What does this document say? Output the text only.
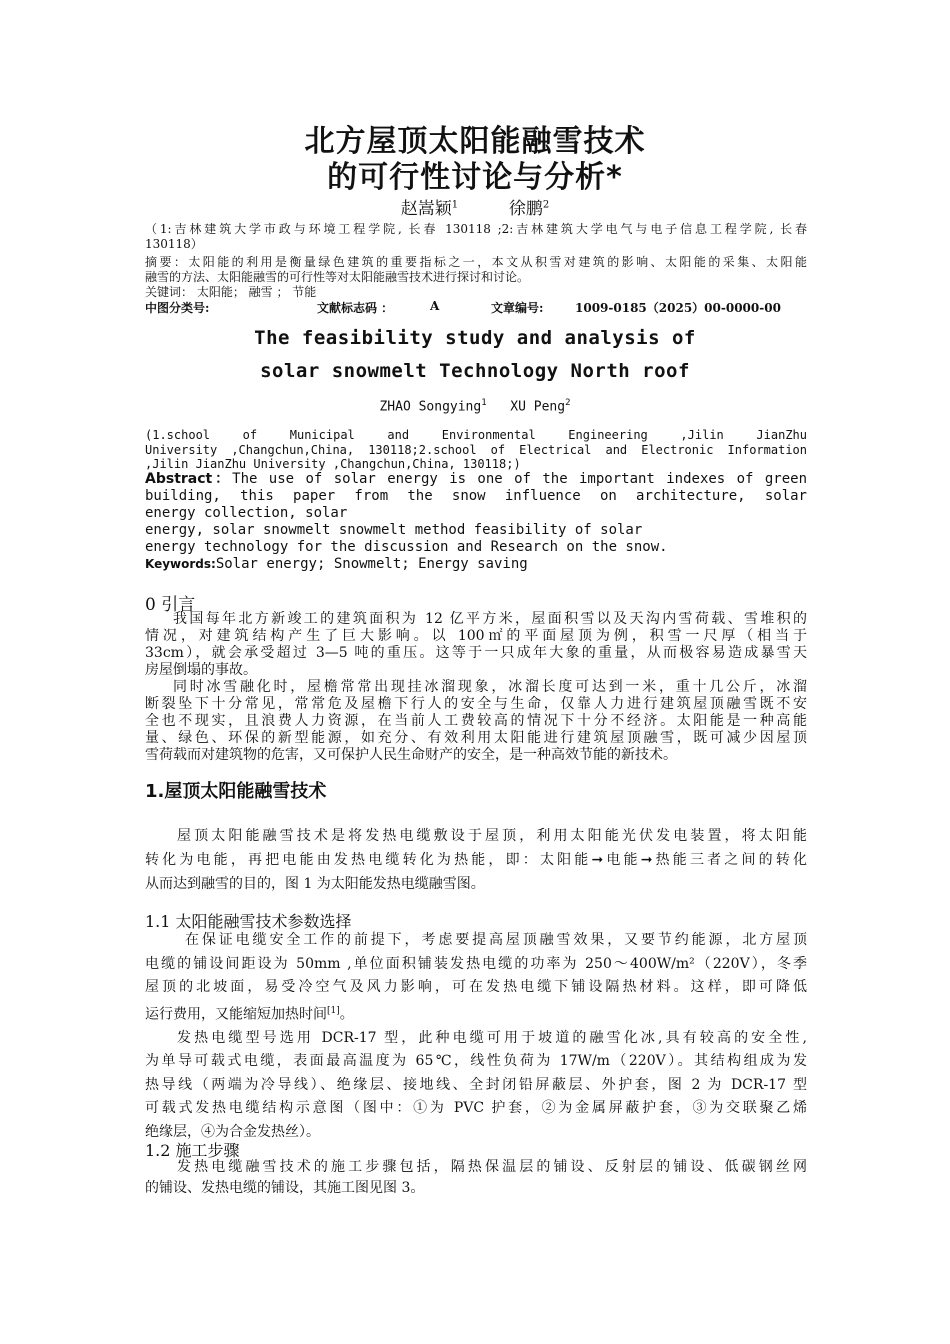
北方屋顶太阳能融雪技术
的可行性讨论与分析*
赵嵩颖$^1$	徐鹏$^2$
（1:吉林建筑大学市政与环境工程学院, 长春 130118 ;2:吉林建筑大学电气与电子信息工程学院, 长春
130118）
摘要：太阳能的利用是衡量绿色建筑的重要指标之一，本文从积雪对建筑的影响、太阳能的采集、太阳能
融雪的方法、太阳能融雪的可行性等对太阳能融雪技术进行探讨和讨论。
关键词： 太阳能； 融雪 ； 节能
中图分类号:	文献标志码 ：	A	文章编号:	1009-0185（2025）00-0000-00
The feasibility study and analysis of
solar snowmelt Technology North roof
ZHAO Songying$^1$ XU Peng$^2$
(1.school of Municipal and Environmental Engineering ,Jilin JianZhu
University ,Changchun,China, 130118;2.school of Electrical and Electronic Information
,Jilin JianZhu University ,Changchun,China, 130118;)
Abstract：The use of solar energy is one of the important indexes of green
building, this paper from the snow influence on architecture, solar
energy collection, solar
energy, solar snowmelt snowmelt method feasibility of solar
energy technology for the discussion and Research on the snow.
Keywords:Solar energy; Snowmelt; Energy saving
0 引言
我国每年北方新竣工的建筑面积为 12 亿平方米，屋面积雪以及天沟内雪荷载、雪堆积的
情况，对建筑结构产生了巨大影响。以 100㎡的平面屋顶为例，积雪一尺厚（相当于
33cm），就会承受超过 3—5 吨的重压。这等于一只成年大象的重量，从而极容易造成暴雪天
房屋倒塌的事故。
同时冰雪融化时，屋檐常常出现挂冰溜现象，冰溜长度可达到一米，重十几公斤，冰溜
断裂坠下十分常见，常常危及屋檐下行人的安全与生命，仅靠人力进行建筑屋顶融雪既不安
全也不现实，且浪费人力资源，在当前人工费较高的情况下十分不经济。太阳能是一种高能
量、绿色、环保的新型能源，如充分、有效利用太阳能进行建筑屋顶融雪，既可减少因屋顶
雪荷载而对建筑物的危害，又可保护人民生命财产的安全，是一种高效节能的新技术。
1.屋顶太阳能融雪技术
屋顶太阳能融雪技术是将发热电缆敷设于屋顶，利用太阳能光伏发电装置，将太阳能
转化为电能，再把电能由发热电缆转化为热能，即：太阳能➞电能➞热能三者之间的转化
从而达到融雪的目的，图 1 为太阳能发热电缆融雪图。
1.1 太阳能融雪技术参数选择
在保证电缆安全工作的前提下，考虑要提高屋顶融雪效果，又要节约能源，北方屋顶
电缆的铺设间距设为 50mm ,单位面积铺装发热电缆的功率为 250～400W/m²（220V），冬季
屋顶的北坡面，易受冷空气及风力影响，可在发热电缆下铺设隔热材料。这样，即可降低
运行费用，又能缩短加热时间[1]。
发热电缆型号选用 DCR-17 型，此种电缆可用于坡道的融雪化冰,具有较高的安全性,
为单导可载式电缆，表面最高温度为 65℃，线性负荷为 17W/m（220V）。其结构组成为发
热导线（两端为冷导线）、绝缘层、接地线、全封闭铅屏蔽层、外护套，图 2 为 DCR-17 型
可载式发热电缆结构示意图（图中：①为 PVC 护套，②为金属屏蔽护套，③为交联聚乙烯
绝缘层，④为合金发热丝）。
1.2 施工步骤
发热电缆融雪技术的施工步骤包括，隔热保温层的铺设、反射层的铺设、低碳钢丝网
的铺设、发热电缆的铺设，其施工图见图 3。
